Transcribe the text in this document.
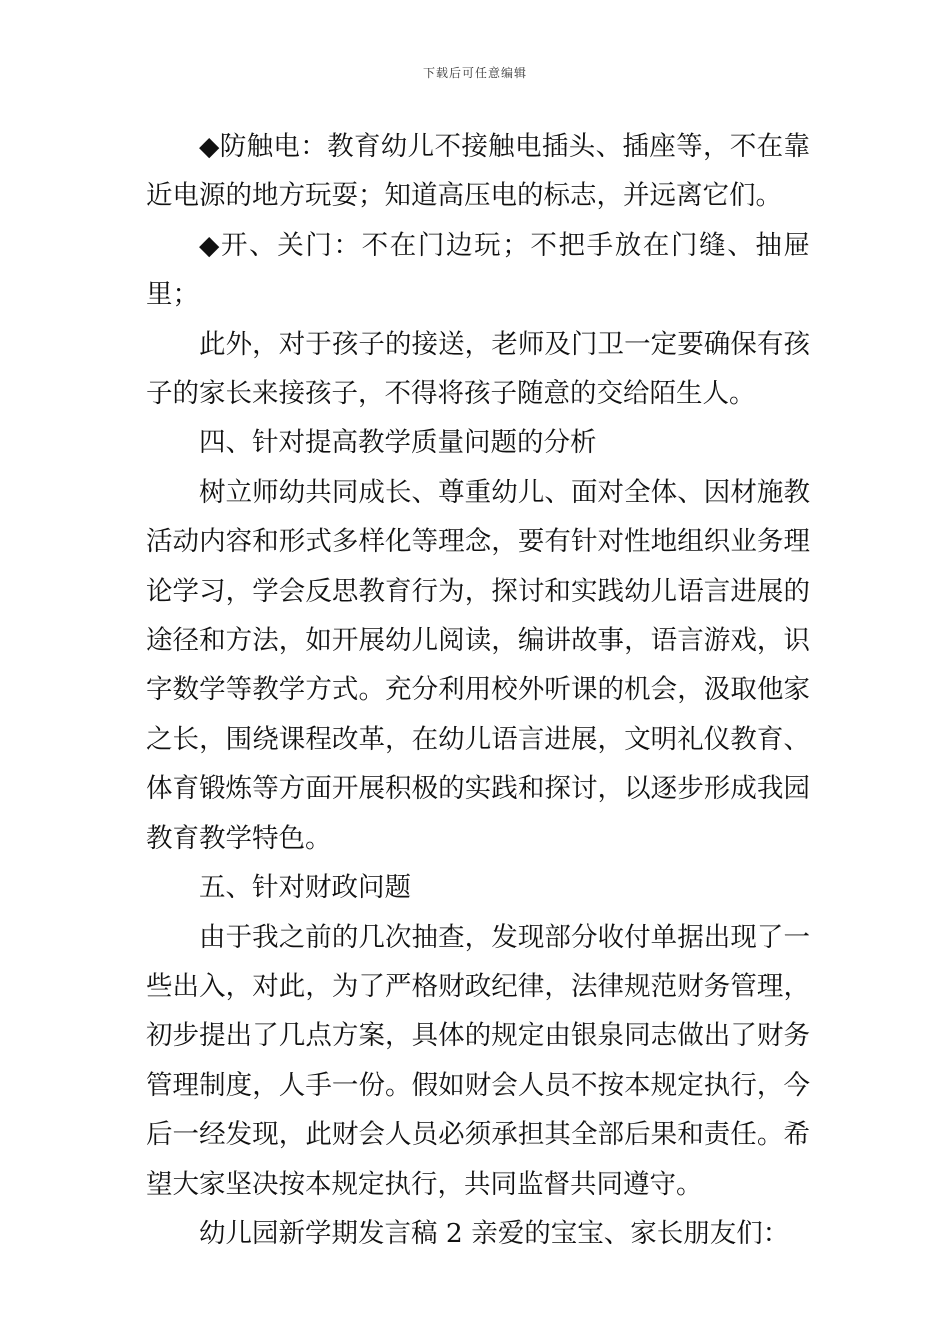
下载后可任意编辑

◆防触电：教育幼儿不接触电插头、插座等，不在靠近电源的地方玩耍；知道高压电的标志，并远离它们。

◆开、关门：不在门边玩；不把手放在门缝、抽屉里；

此外，对于孩子的接送，老师及门卫一定要确保有孩子的家长来接孩子，不得将孩子随意的交给陌生人。

四、针对提高教学质量问题的分析

树立师幼共同成长、尊重幼儿、面对全体、因材施教活动内容和形式多样化等理念，要有针对性地组织业务理论学习，学会反思教育行为，探讨和实践幼儿语言进展的途径和方法，如开展幼儿阅读，编讲故事，语言游戏，识字数学等教学方式。充分利用校外听课的机会，汲取他家之长，围绕课程改革，在幼儿语言进展，文明礼仪教育、体育锻炼等方面开展积极的实践和探讨，以逐步形成我园教育教学特色。

五、针对财政问题

由于我之前的几次抽查，发现部分收付单据出现了一些出入，对此，为了严格财政纪律，法律规范财务管理，初步提出了几点方案，具体的规定由银泉同志做出了财务管理制度，人手一份。假如财会人员不按本规定执行，今后一经发现，此财会人员必须承担其全部后果和责任。希望大家坚决按本规定执行，共同监督共同遵守。

幼儿园新学期发言稿 2 亲爱的宝宝、家长朋友们：
